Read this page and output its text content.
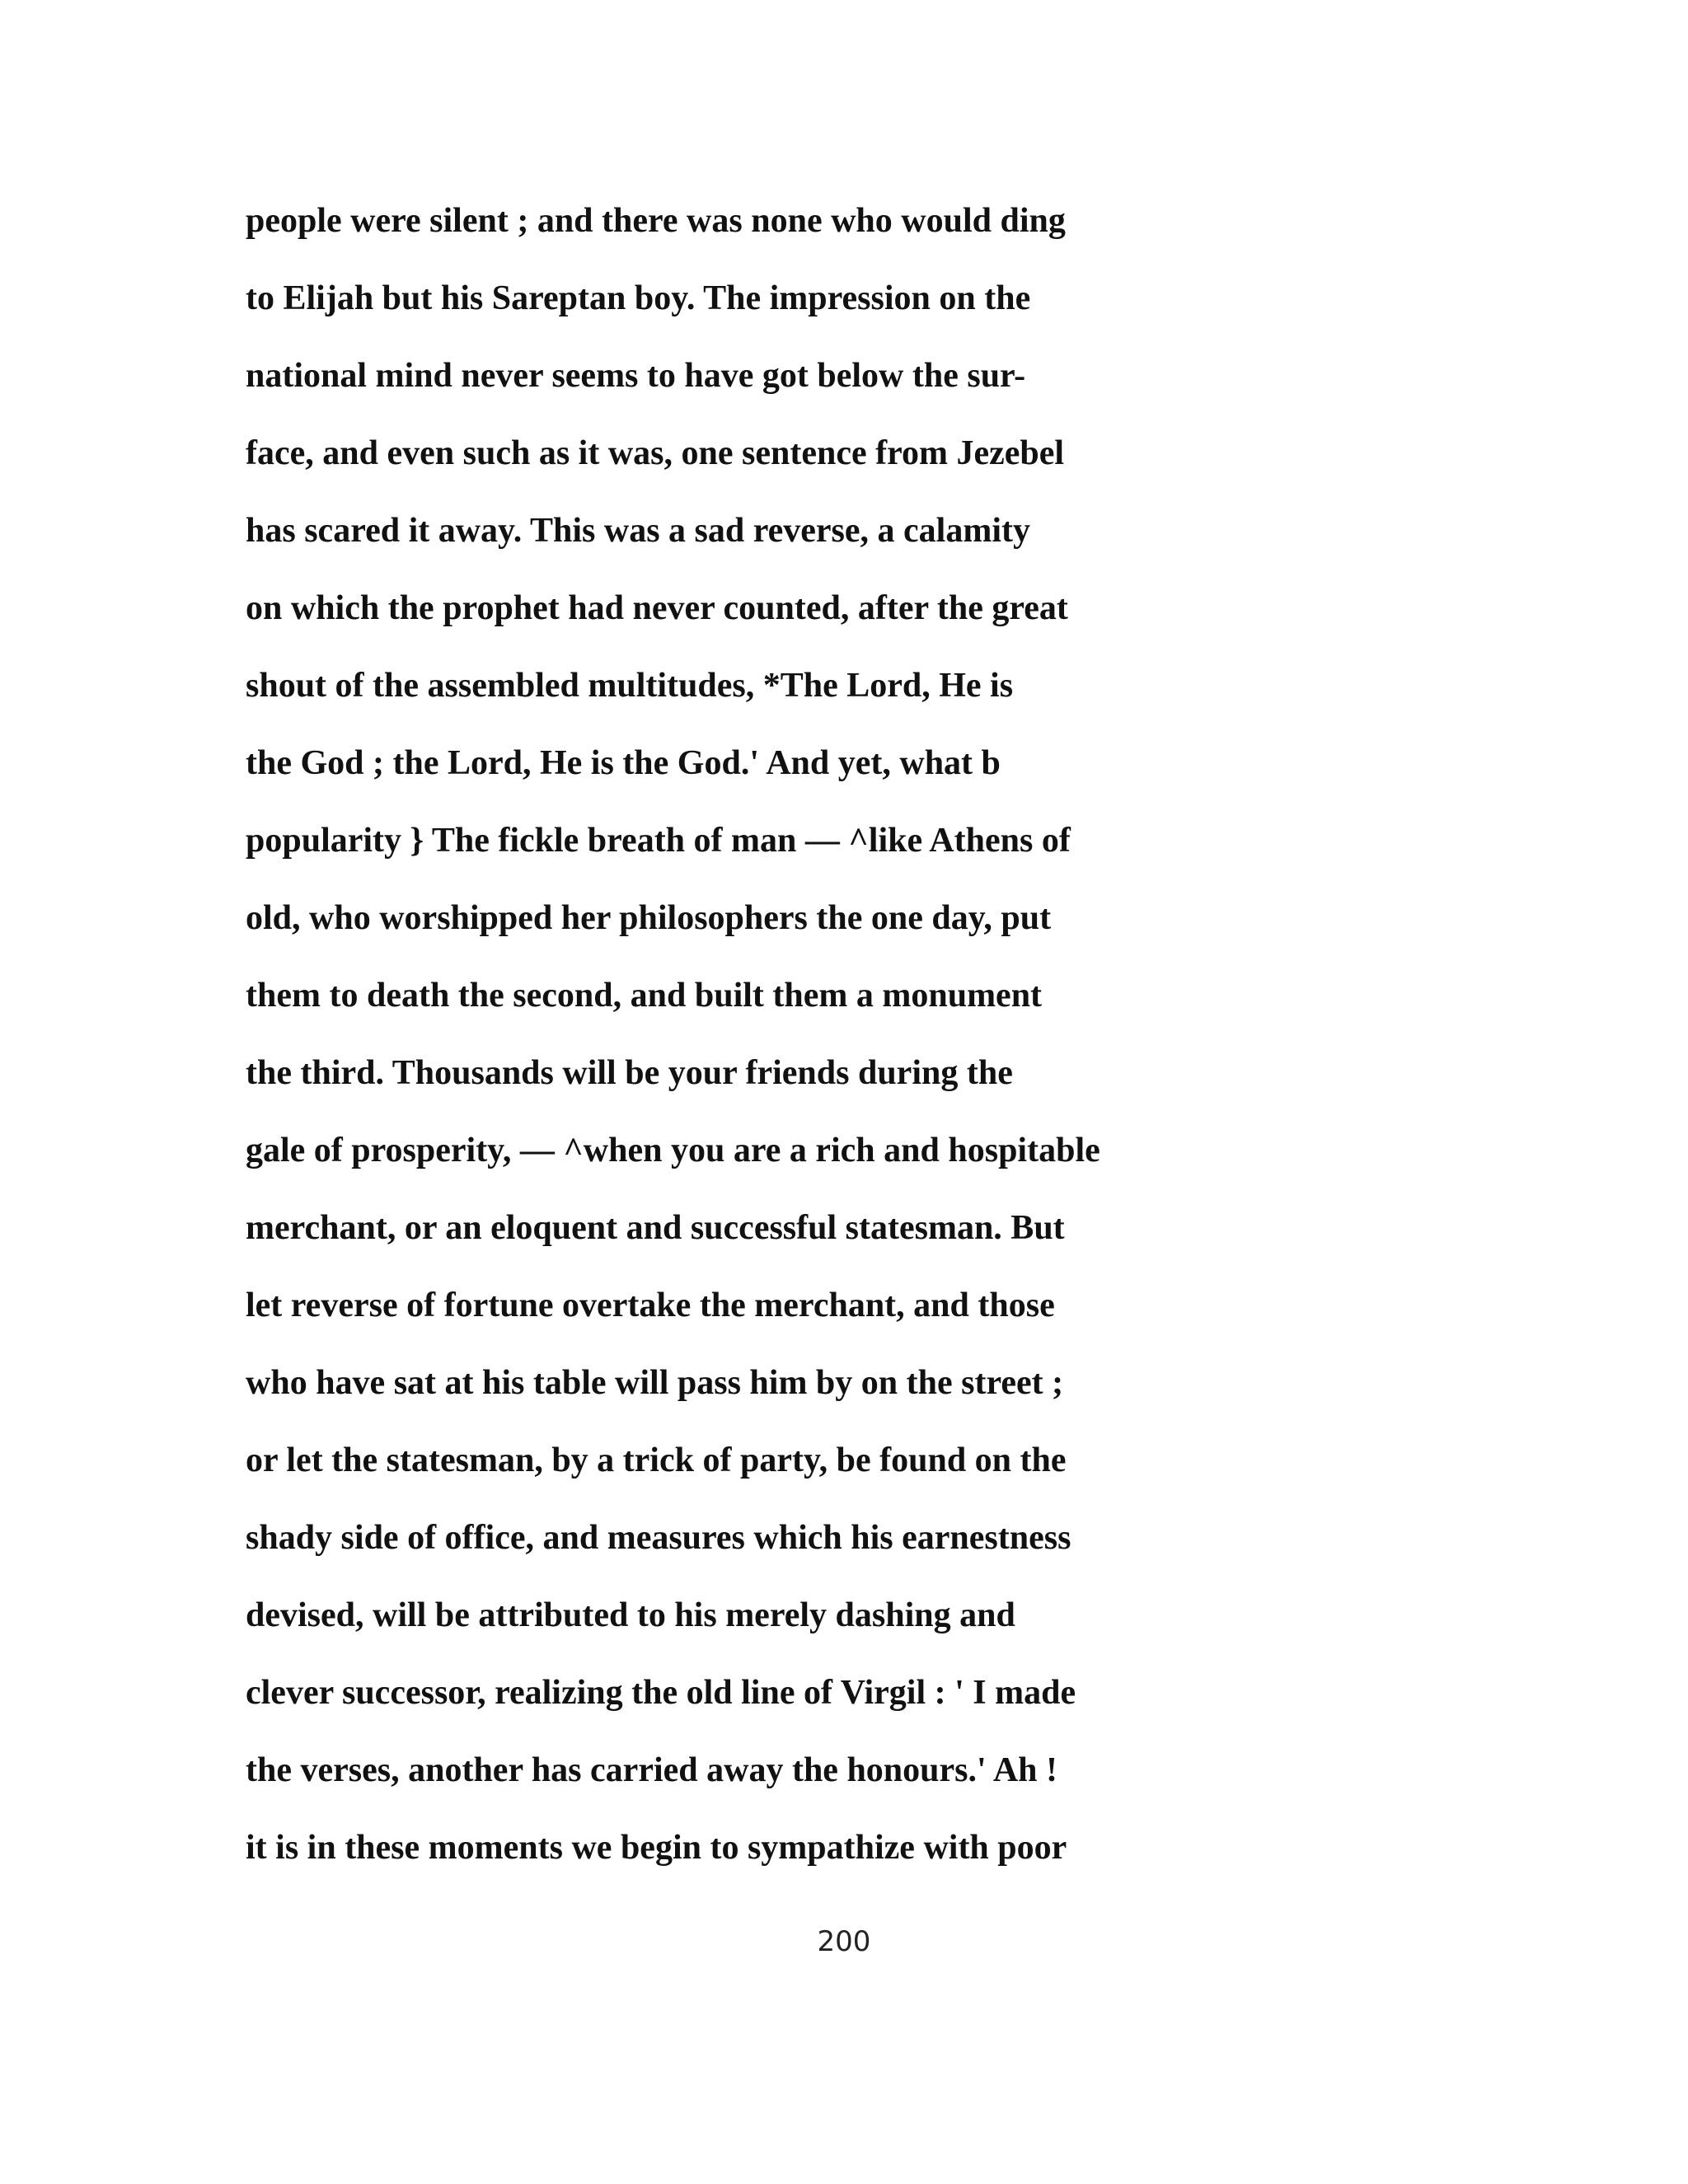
people were silent ; and there was none who would ding
to Elijah but his Sareptan boy. The impression on the
national mind never seems to have got below the sur-
face, and even such as it was, one sentence from Jezebel
has scared it away. This was a sad reverse, a calamity
on which the prophet had never counted, after the great
shout of the assembled multitudes, *The Lord, He is
the God ; the Lord, He is the God.' And yet, what b
popularity } The fickle breath of man — ^like Athens of
old, who worshipped her philosophers the one day, put
them to death the second, and built them a monument
the third. Thousands will be your friends during the
gale of prosperity, — ^when you are a rich and hospitable
merchant, or an eloquent and successful statesman. But
let reverse of fortune overtake the merchant, and those
who have sat at his table will pass him by on the street ;
or let the statesman, by a trick of party, be found on the
shady side of office, and measures which his earnestness
devised, will be attributed to his merely dashing and
clever successor, realizing the old line of Virgil : ' I made
the verses, another has carried away the honours.' Ah !
it is in these moments we begin to sympathize with poor
200
